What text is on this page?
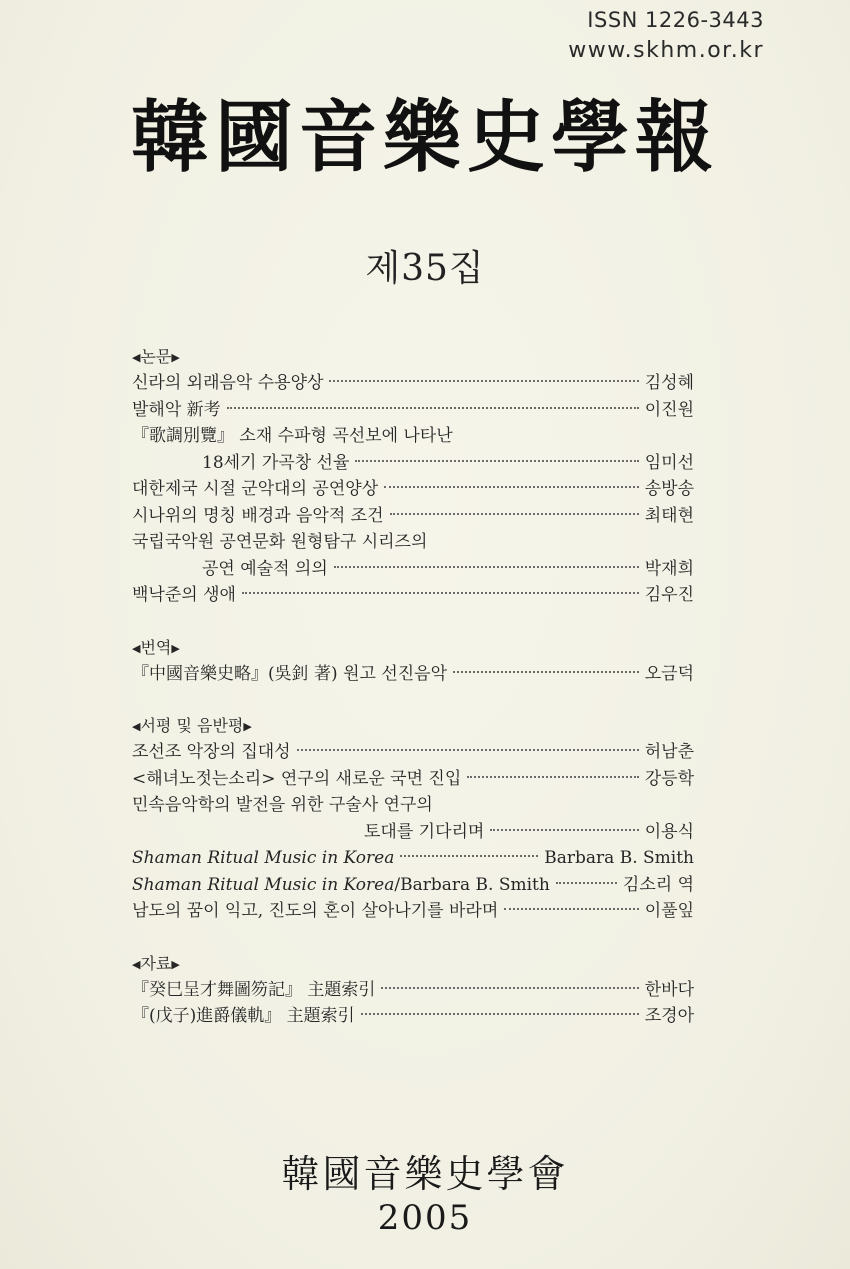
ISSN 1226-3443
www.skhm.or.kr
韓國音樂史學報
제35집
◀논문▶
신라의 외래음악 수용양상	김성혜
발해악 新考	이진원
『歌調別覽』 소재 수파형 곡선보에 나타난
18세기 가곡창 선율	임미선
대한제국 시절 군악대의 공연양상	송방송
시나위의 명칭 배경과 음악적 조건	최태현
국립국악원 공연문화 원형탐구 시리즈의
공연 예술적 의의	박재희
백낙준의 생애	김우진
◀번역▶
『中國音樂史略』(吳釗 著) 원고 선진음악	오금덕
◀서평 및 음반평▶
조선조 악장의 집대성	허남춘
<해녀노젓는소리> 연구의 새로운 국면 진입	강등학
민속음악학의 발전을 위한 구술사 연구의
토대를 기다리며	이용식
Shaman Ritual Music in Korea	Barbara B. Smith
Shaman Ritual Music in Korea /Barbara B. Smith	김소리 역
남도의 꿈이 익고, 진도의 혼이 살아나기를 바라며	이풀잎
◀자료▶
『癸巳呈才舞圖笏記』 主題索引	한바다
『(戊子)進爵儀軌』 主題索引	조경아
韓國音樂史學會
2005
